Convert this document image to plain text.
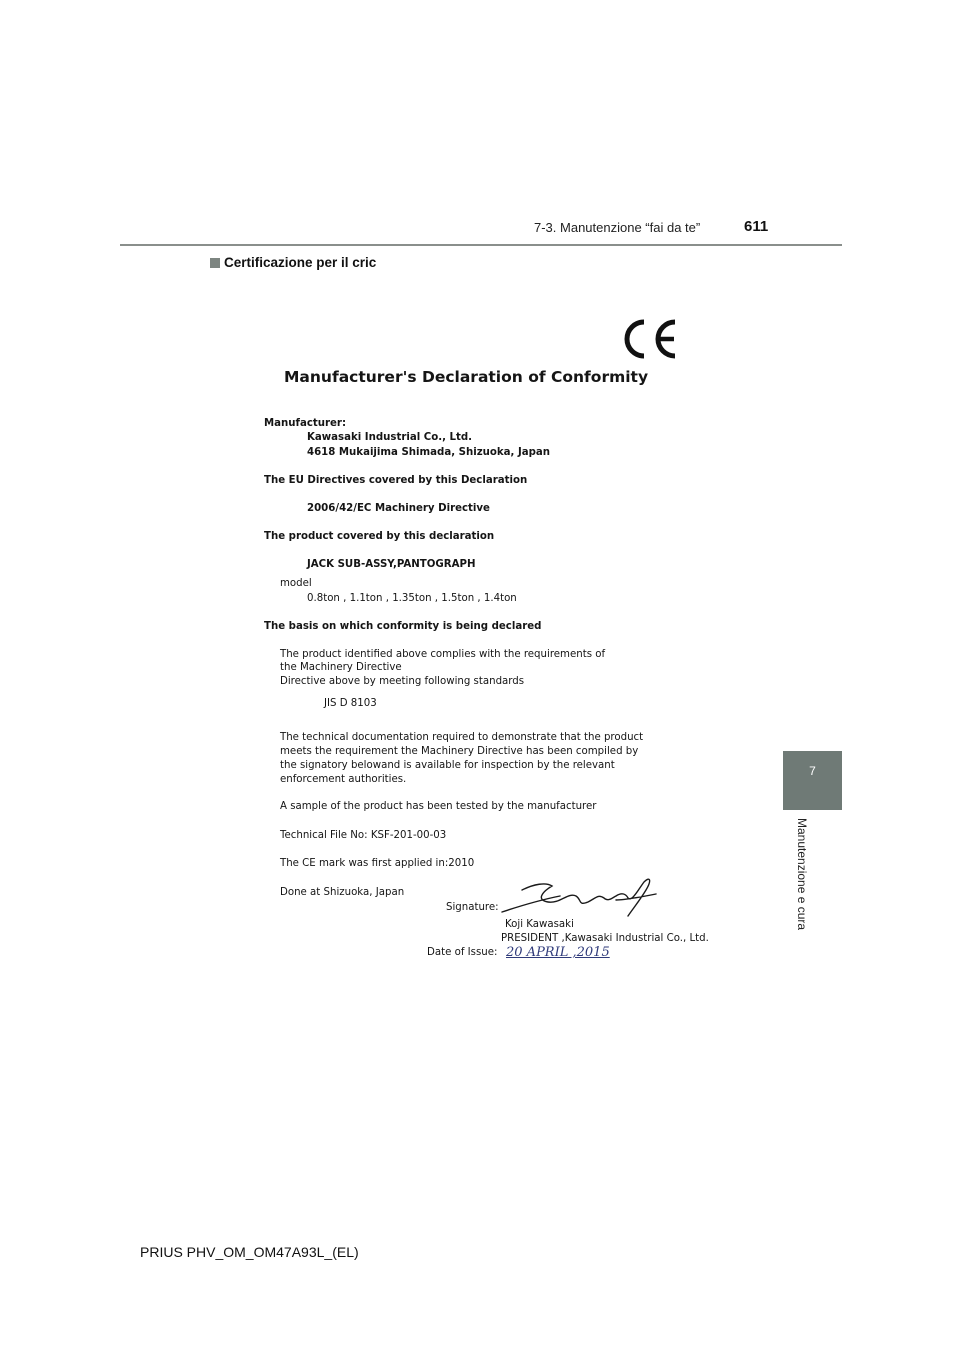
7-3. Manutenzione “fai da te”	611
Certificazione per il cric
7
Manutenzione e cura
Manufacturer's Declaration of Conformity
Manufacturer:
Kawasaki Industrial Co., Ltd.
4618 Mukaijima Shimada, Shizuoka, Japan
The EU Directives covered by this Declaration
2006/42/EC Machinery Directive
The product covered by this declaration
JACK SUB-ASSY,PANTOGRAPH
model
0.8ton , 1.1ton , 1.35ton , 1.5ton , 1.4ton
The basis on which conformity is being declared
The product identified above complies with the requirements of
the Machinery Directive
Directive above by meeting following standards
JIS D 8103
The technical documentation required to demonstrate that the product
meets the requirement the Machinery Directive has been compiled by
the signatory belowand is available for inspection by the relevant
enforcement authorities.
A sample of the product has been tested by the manufacturer
Technical File No: KSF-201-00-03
The CE mark was first applied in:2010
Done at Shizuoka, Japan
Signature:
Koji Kawasaki
PRESIDENT ,Kawasaki Industrial Co., Ltd.
Date of Issue: 20 APRIL ,2015
PRIUS PHV_OM_OM47A93L_(EL)
